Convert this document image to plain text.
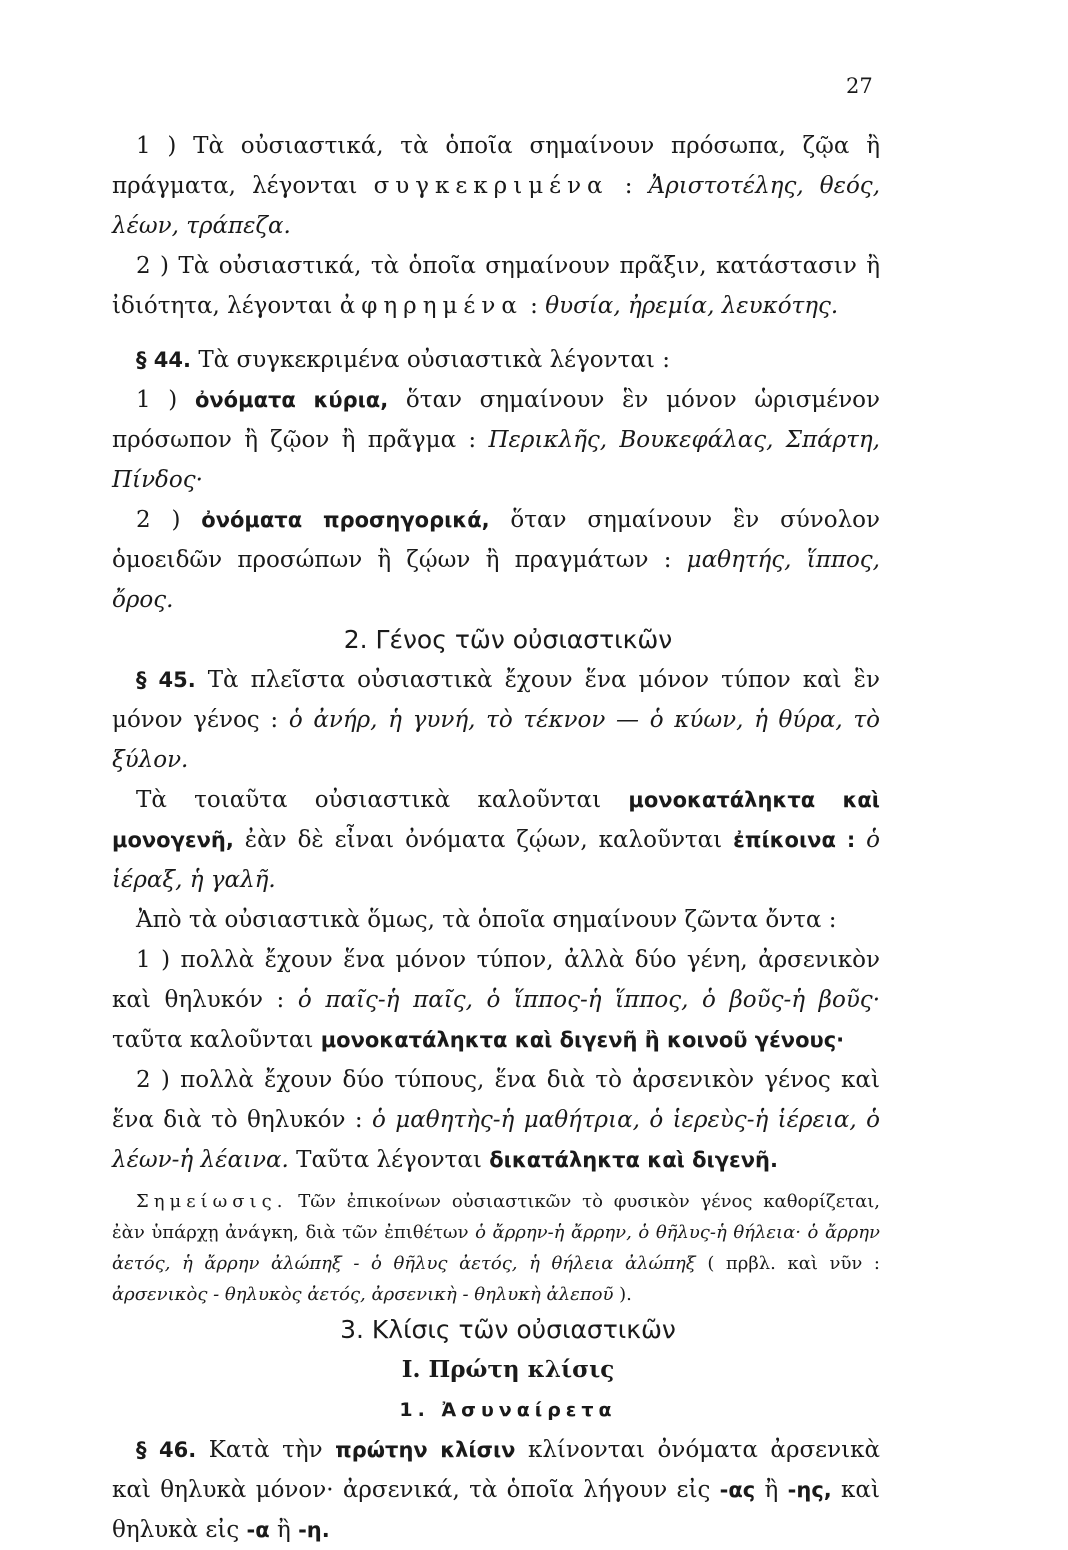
27

1 ) Τὰ οὐσιαστικά, τὰ ὁποῖα σημαίνουν πρόσωπα, ζῷα ἢ πράγματα, λέγονται συγκεκριμένα : Ἀριστοτέλης, θεός, λέων, τράπεζα.

2 ) Τὰ οὐσιαστικά, τὰ ὁποῖα σημαίνουν πρᾶξιν, κατάστασιν ἢ ἰδιότητα, λέγονται ἀφηρημένα : θυσία, ἠρεμία, λευκότης.

§ 44. Τὰ συγκεκριμένα οὐσιαστικὰ λέγονται :

1 ) ὀνόματα κύρια, ὅταν σημαίνουν ἓν μόνον ὡρισμένον πρόσωπον ἢ ζῷον ἢ πρᾶγμα : Περικλῆς, Βουκεφάλας, Σπάρτη, Πίνδος·

2 ) ὀνόματα προσηγορικά, ὅταν σημαίνουν ἓν σύνολον ὁμοειδῶν προσώπων ἢ ζῴων ἢ πραγμάτων : μαθητής, ἵππος, ὄρος.

2. Γένος τῶν οὐσιαστικῶν

§ 45. Τὰ πλεῖστα οὐσιαστικὰ ἔχουν ἕνα μόνον τύπον καὶ ἓν μόνον γένος : ὁ ἀνήρ, ἡ γυνή, τὸ τέκνον — ὁ κύων, ἡ θύρα, τὸ ξύλον.

Τὰ τοιαῦτα οὐσιαστικὰ καλοῦνται μονοκατάληκτα καὶ μονογενῆ, ἐὰν δὲ εἶναι ὀνόματα ζῴων, καλοῦνται ἐπίκοινα : ὁ ἱέραξ, ἡ γαλῆ.

Ἀπὸ τὰ οὐσιαστικὰ ὅμως, τὰ ὁποῖα σημαίνουν ζῶντα ὄντα :

1 ) πολλὰ ἔχουν ἕνα μόνον τύπον, ἀλλὰ δύο γένη, ἀρσενικὸν καὶ θηλυκόν : ὁ παῖς-ἡ παῖς, ὁ ἵππος-ἡ ἵππος, ὁ βοῦς-ἡ βοῦς· ταῦτα καλοῦνται μονοκατάληκτα καὶ διγενῆ ἢ κοινοῦ γένους·

2 ) πολλὰ ἔχουν δύο τύπους, ἕνα διὰ τὸ ἀρσενικὸν γένος καὶ ἕνα διὰ τὸ θηλυκόν : ὁ μαθητὴς-ἡ μαθήτρια, ὁ ἱερεὺς-ἡ ἱέρεια, ὁ λέων-ἡ λέαινα. Ταῦτα λέγονται δικατάληκτα καὶ διγενῆ.

Σημείωσις. Τῶν ἐπικοίνων οὐσιαστικῶν τὸ φυσικὸν γένος καθορίζεται, ἐὰν ὑπάρχῃ ἀνάγκη, διὰ τῶν ἐπιθέτων ὁ ἄρρην-ἡ ἄρρην, ὁ θῆλυς-ἡ θήλεια· ὁ ἄρρην ἀετός, ἡ ἄρρην ἀλώπηξ - ὁ θῆλυς ἀετός, ἡ θήλεια ἀλώπηξ ( πρβλ. καὶ νῦν : ἀρσενικὸς - θηλυκὸς ἀετός, ἀρσενικὴ - θηλυκὴ ἀλεποῦ ).

3. Κλίσις τῶν οὐσιαστικῶν

Ι. Πρώτη κλίσις

1. Ἀσυναίρετα

§ 46. Κατὰ τὴν πρώτην κλίσιν κλίνονται ὀνόματα ἀρσενικὰ καὶ θηλυκὰ μόνον· ἀρσενικά, τὰ ὁποῖα λήγουν εἰς -ας ἢ -ης, καὶ θηλυκὰ εἰς -α ἢ -η.
